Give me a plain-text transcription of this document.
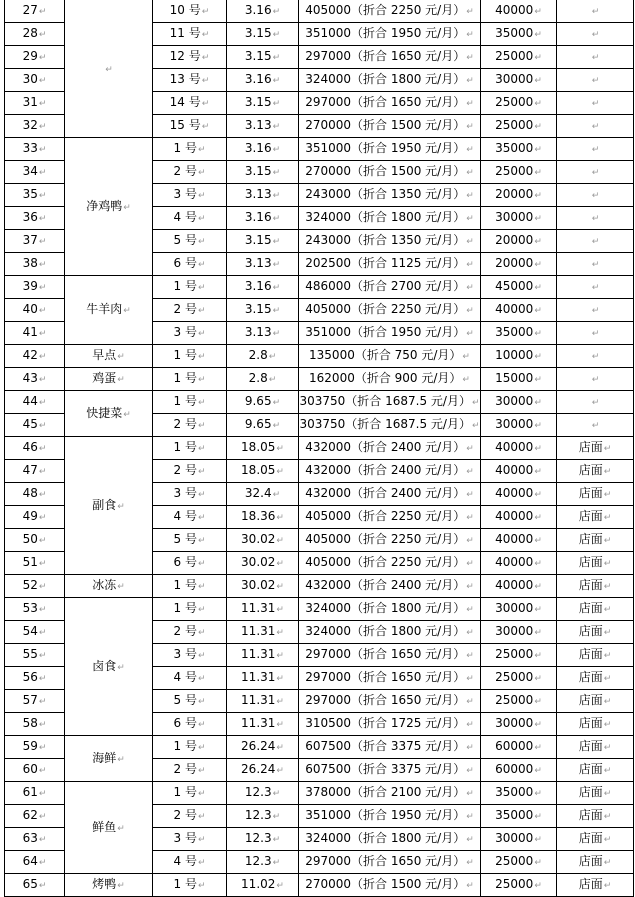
27↵	↵	10 号↵	3.16↵	405000（折合 2250 元/月）↵	40000↵	↵
28↵		11 号↵	3.15↵	351000（折合 1950 元/月）↵	35000↵	↵
29↵		12 号↵	3.15↵	297000（折合 1650 元/月）↵	25000↵	↵
30↵		13 号↵	3.16↵	324000（折合 1800 元/月）↵	30000↵	↵
31↵		14 号↵	3.15↵	297000（折合 1650 元/月）↵	25000↵	↵
32↵		15 号↵	3.13↵	270000（折合 1500 元/月）↵	25000↵	↵
33↵	净鸡鸭↵	1 号↵	3.16↵	351000（折合 1950 元/月）↵	35000↵	↵
34↵		2 号↵	3.15↵	270000（折合 1500 元/月）↵	25000↵	↵
35↵		3 号↵	3.13↵	243000（折合 1350 元/月）↵	20000↵	↵
36↵		4 号↵	3.16↵	324000（折合 1800 元/月）↵	30000↵	↵
37↵		5 号↵	3.15↵	243000（折合 1350 元/月）↵	20000↵	↵
38↵		6 号↵	3.13↵	202500（折合 1125 元/月）↵	20000↵	↵
39↵	牛羊肉↵	1 号↵	3.16↵	486000（折合 2700 元/月）↵	45000↵	↵
40↵		2 号↵	3.15↵	405000（折合 2250 元/月）↵	40000↵	↵
41↵		3 号↵	3.13↵	351000（折合 1950 元/月）↵	35000↵	↵
42↵	早点↵	1 号↵	2.8↵	135000（折合 750 元/月）↵	10000↵	↵
43↵	鸡蛋↵	1 号↵	2.8↵	162000（折合 900 元/月）↵	15000↵	↵
44↵	快捷菜↵	1 号↵	9.65↵	303750（折合 1687.5 元/月）↵	30000↵	↵
45↵		2 号↵	9.65↵	303750（折合 1687.5 元/月）↵	30000↵	↵
46↵	副食↵	1 号↵	18.05↵	432000（折合 2400 元/月）↵	40000↵	店面↵
47↵		2 号↵	18.05↵	432000（折合 2400 元/月）↵	40000↵	店面↵
48↵		3 号↵	32.4↵	432000（折合 2400 元/月）↵	40000↵	店面↵
49↵		4 号↵	18.36↵	405000（折合 2250 元/月）↵	40000↵	店面↵
50↵		5 号↵	30.02↵	405000（折合 2250 元/月）↵	40000↵	店面↵
51↵		6 号↵	30.02↵	405000（折合 2250 元/月）↵	40000↵	店面↵
52↵	冰冻↵	1 号↵	30.02↵	432000（折合 2400 元/月）↵	40000↵	店面↵
53↵	卤食↵	1 号↵	11.31↵	324000（折合 1800 元/月）↵	30000↵	店面↵
54↵		2 号↵	11.31↵	324000（折合 1800 元/月）↵	30000↵	店面↵
55↵		3 号↵	11.31↵	297000（折合 1650 元/月）↵	25000↵	店面↵
56↵		4 号↵	11.31↵	297000（折合 1650 元/月）↵	25000↵	店面↵
57↵		5 号↵	11.31↵	297000（折合 1650 元/月）↵	25000↵	店面↵
58↵		6 号↵	11.31↵	310500（折合 1725 元/月）↵	30000↵	店面↵
59↵	海鲜↵	1 号↵	26.24↵	607500（折合 3375 元/月）↵	60000↵	店面↵
60↵		2 号↵	26.24↵	607500（折合 3375 元/月）↵	60000↵	店面↵
61↵	鲜鱼↵	1 号↵	12.3↵	378000（折合 2100 元/月）↵	35000↵	店面↵
62↵		2 号↵	12.3↵	351000（折合 1950 元/月）↵	35000↵	店面↵
63↵		3 号↵	12.3↵	324000（折合 1800 元/月）↵	30000↵	店面↵
64↵		4 号↵	12.3↵	297000（折合 1650 元/月）↵	25000↵	店面↵
65↵	烤鸭↵	1 号↵	11.02↵	270000（折合 1500 元/月）↵	25000↵	店面↵
